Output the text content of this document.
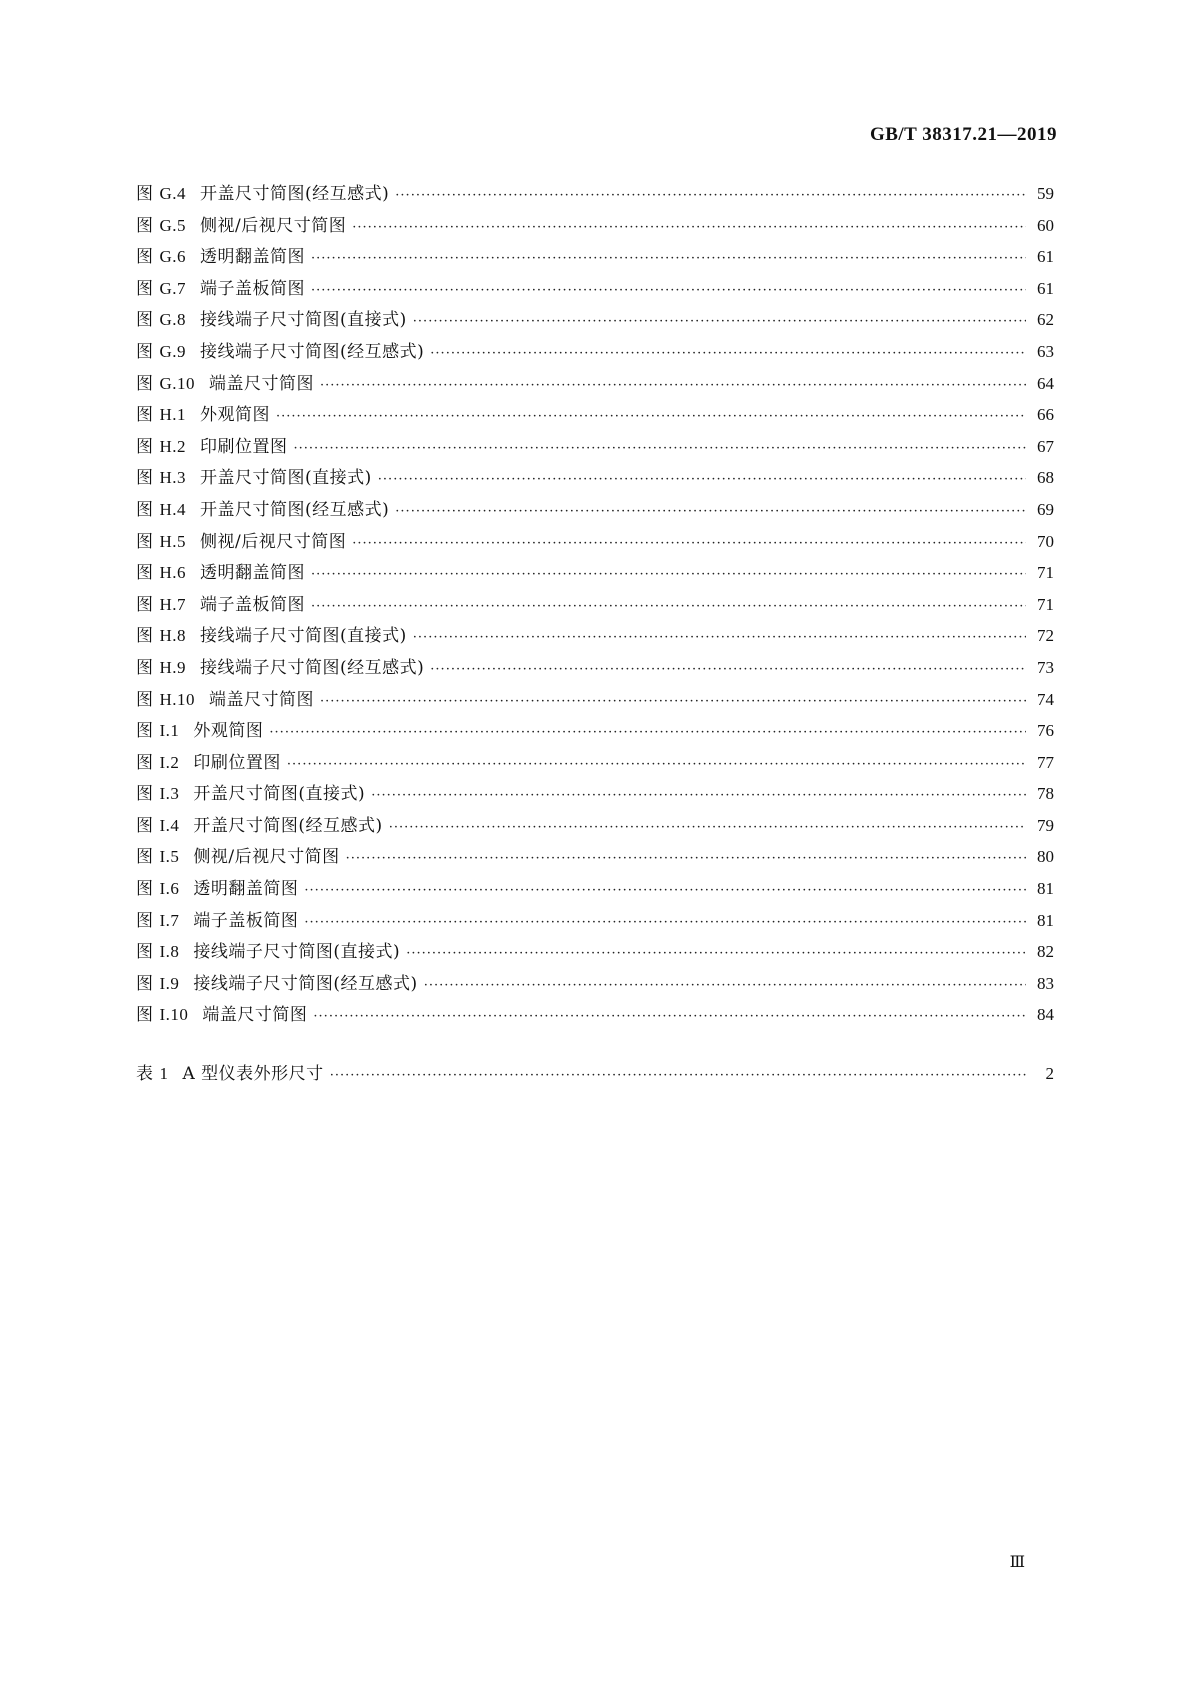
GB/T 38317.21—2019
图 G.4 开盖尺寸简图(经互感式) ·····	59
图 G.5 侧视/后视尺寸简图 ·····	60
图 G.6 透明翻盖简图 ·····	61
图 G.7 端子盖板简图 ·····	61
图 G.8 接线端子尺寸简图(直接式) ·····	62
图 G.9 接线端子尺寸简图(经互感式) ·····	63
图 G.10 端盖尺寸简图 ·····	64
图 H.1 外观简图 ·····	66
图 H.2 印刷位置图 ·····	67
图 H.3 开盖尺寸简图(直接式) ·····	68
图 H.4 开盖尺寸简图(经互感式) ·····	69
图 H.5 侧视/后视尺寸简图 ·····	70
图 H.6 透明翻盖简图 ·····	71
图 H.7 端子盖板简图 ·····	71
图 H.8 接线端子尺寸简图(直接式) ·····	72
图 H.9 接线端子尺寸简图(经互感式) ·····	73
图 H.10 端盖尺寸简图 ·····	74
图 I.1 外观简图 ·····	76
图 I.2 印刷位置图 ·····	77
图 I.3 开盖尺寸简图(直接式) ·····	78
图 I.4 开盖尺寸简图(经互感式) ·····	79
图 I.5 侧视/后视尺寸简图 ·····	80
图 I.6 透明翻盖简图 ·····	81
图 I.7 端子盖板简图 ·····	81
图 I.8 接线端子尺寸简图(直接式) ·····	82
图 I.9 接线端子尺寸简图(经互感式) ·····	83
图 I.10 端盖尺寸简图 ·····	84
表 1 A 型仪表外形尺寸 ·····	2
Ⅲ
